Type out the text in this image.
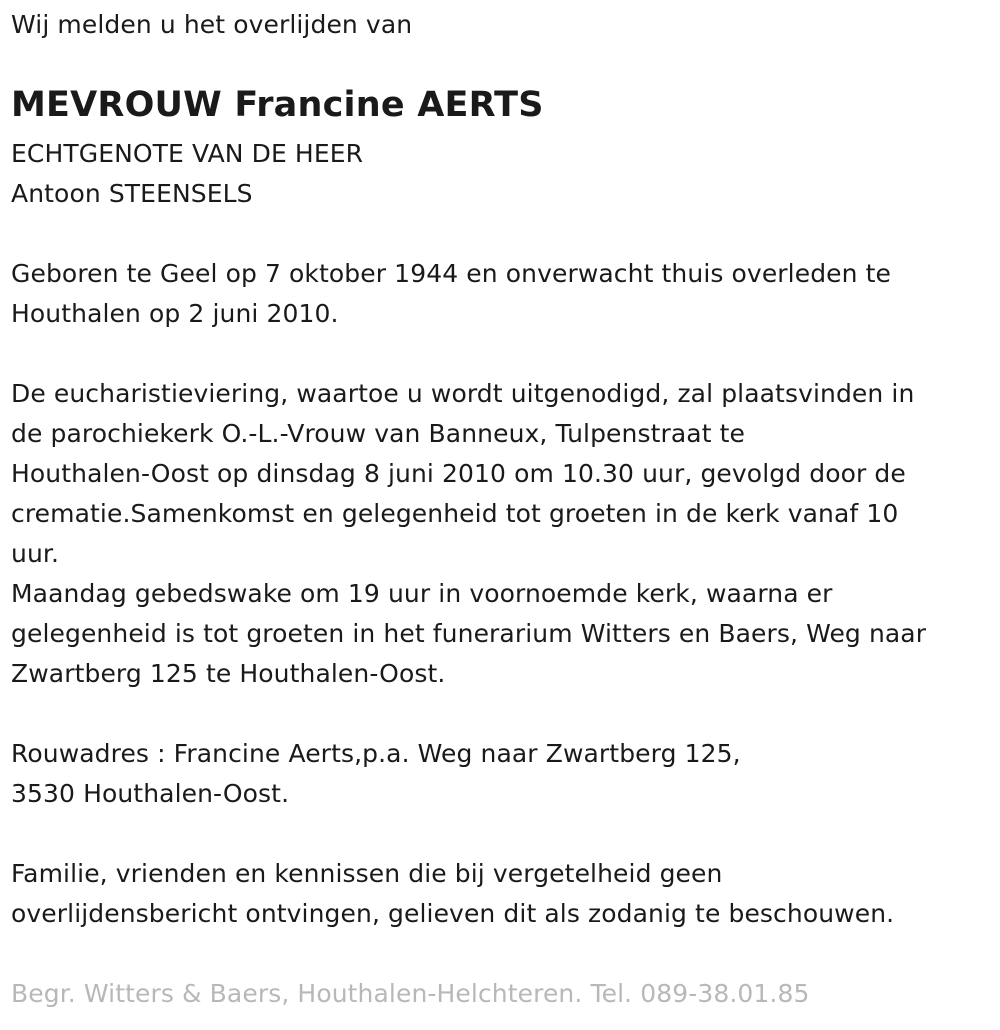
Wij melden u het overlijden van
MEVROUW Francine AERTS
ECHTGENOTE VAN DE HEER
Antoon STEENSELS
Geboren te Geel op 7 oktober 1944 en onverwacht thuis overleden te
Houthalen op 2 juni 2010.
De eucharistieviering, waartoe u wordt uitgenodigd, zal plaatsvinden in
de parochiekerk O.-L.-Vrouw van Banneux, Tulpenstraat te
Houthalen-Oost op dinsdag 8 juni 2010 om 10.30 uur, gevolgd door de
crematie.Samenkomst en gelegenheid tot groeten in de kerk vanaf 10
uur.
Maandag gebedswake om 19 uur in voornoemde kerk, waarna er
gelegenheid is tot groeten in het funerarium Witters en Baers, Weg naar
Zwartberg 125 te Houthalen-Oost.
Rouwadres : Francine Aerts,p.a. Weg naar Zwartberg 125,
3530 Houthalen-Oost.
Familie, vrienden en kennissen die bij vergetelheid geen
overlijdensbericht ontvingen, gelieven dit als zodanig te beschouwen.
Begr. Witters & Baers, Houthalen-Helchteren. Tel. 089-38.01.85
